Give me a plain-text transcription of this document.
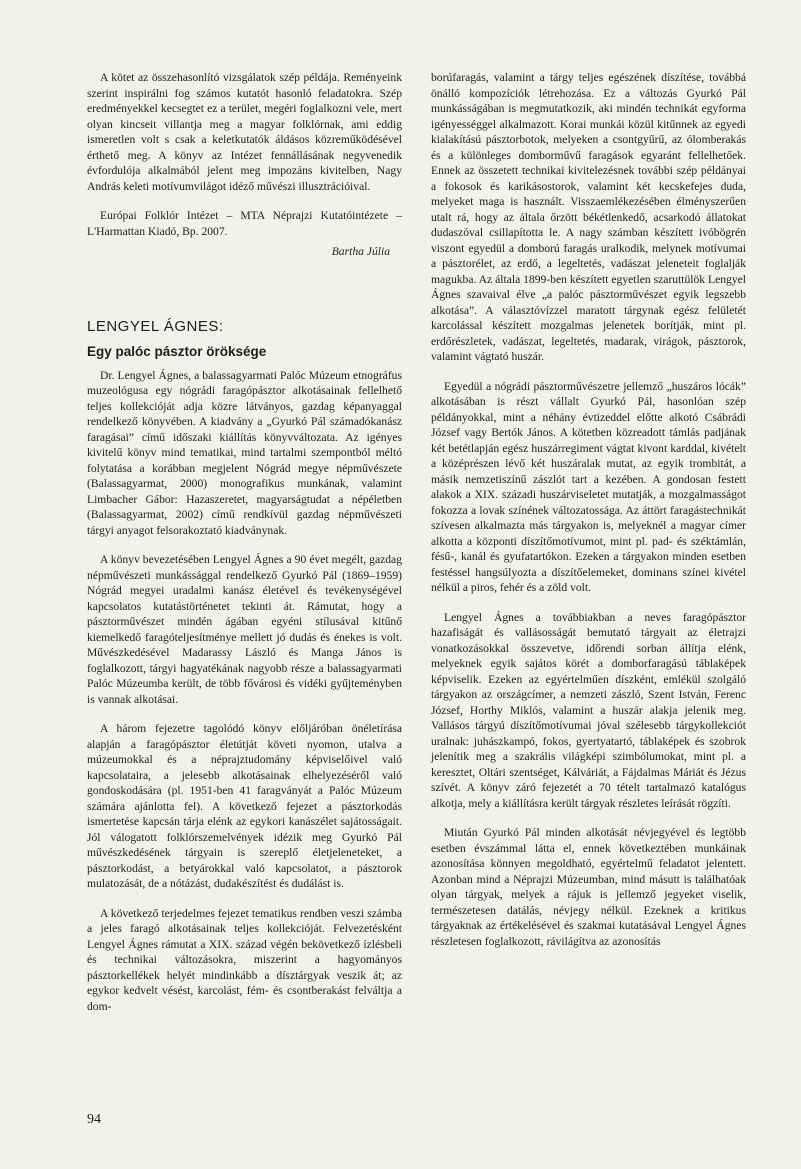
A kötet az összehasonlító vizsgálatok szép példája. Reményeink szerint inspirálni fog számos kutatót hasonló feladatokra. Szép eredményekkel kecsegtet ez a terület, megéri foglalkozni vele, mert olyan kincseit villantja meg a magyar folklórnak, ami eddig ismeretlen volt s csak a keletkutatók áldásos közreműködésével érthető meg. A könyv az Intézet fennállásának negyvenedik évfordulója alkalmából jelent meg impozáns kivitelben, Nagy András keleti motívumvilágot idéző művészi illusztrációival.

Európai Folklór Intézet – MTA Néprajzi Kutatóintézete – L'Harmattan Kiadó, Bp. 2007.

Bartha Júlia
LENGYEL ÁGNES:
Egy palóc pásztor öröksége

Dr. Lengyel Ágnes, a balassagyarmati Palóc Múzeum etnográfus muzeológusa egy nógrádi faragópásztor alkotásainak fellelhető teljes kollekcióját adja közre látványos, gazdag képanyaggal rendelkező könyvében. A kiadvány a „Gyurkó Pál számadókanász faragásai” című időszaki kiállítás könyvváltozata. Az igényes kivitelű könyv mind tematikai, mind tartalmi szempontból méltó folytatása a korábban megjelent Nógrád megye népművészete (Balassagyarmat, 2000) monografikus munkának, valamint Limbacher Gábor: Hazaszeretet, magyarságtudat a népéletben (Balassagyarmat, 2002) című rendkívül gazdag népművészeti tárgyi anyagot felsorakoztató kiadványnak.

A könyv bevezetésében Lengyel Ágnes a 90 évet megélt, gazdag népművészeti munkássággal rendelkező Gyurkó Pál (1869–1959) Nógrád megyei uradalmi kanász életével és tevékenységével kapcsolatos kutatástörténetet tekinti át. Rámutat, hogy a pásztorművészet mindén ágában egyéni stílusával kitűnő kiemelkedő faragóteljesítménye mellett jó dudás és énekes is volt. Művészkedésével Madarassy László és Manga János is foglalkozott, tárgyi hagyatékának nagyobb része a balassagyarmati Palóc Múzeumba került, de több fővárosi és vidéki gyűjteményben is vannak alkotásai.

A három fejezetre tagolódó könyv előljáróban önéletírása alapján a faragópásztor életútját követi nyomon, utalva a múzeumokkal és a néprajztudomány képviselőivel való kapcsolataira, a jelesebb alkotásainak elhelyezéséről való gondoskodására (pl. 1951-ben 41 faragványát a Palóc Múzeum számára ajánlotta fel). A következő fejezet a pásztorkodás ismertetése kapcsán tárja elénk az egykori kanászélet sajátosságait. Jól válogatott folklórszemelvények idézik meg Gyurkó Pál művészkedésének tárgyain is szereplő életjeleneteket, a pásztorkodást, a betyárokkal való kapcsolatot, a pásztorok mulatozását, de a nótázást, dudakészítést és dudálást is.

A következő terjedelmes fejezet tematikus rendben veszi számba a jeles faragó alkotásainak teljes kollekcióját. Felvezetésként Lengyel Ágnes rámutat a XIX. század végén bekövetkező ízlésbeli és technikai változásokra, miszerint a hagyományos pásztorkellékek helyét mindinkább a dísztárgyak veszik át; az egykor kedvelt vésést, karcolást, fém- és csontberakást felváltja a dom-

borúfaragás, valamint a tárgy teljes egészének díszítése, továbbá önálló kompozíciók létrehozása. Ez a változás Gyurkó Pál munkásságában is megmutatkozik, aki mindén technikát egyforma igényességgel alkalmazott. Korai munkái közül kitűnnek az egyedi kialakítású pásztorbotok, melyeken a csontgyűrű, az ólomberakás és a különleges domborművű faragások egyaránt fellelhetőek. Ennek az összetett technikai kivitelezésnek további szép példányai a fokosok és karikásostorok, valamint két kecskefejes duda, melyeket maga is használt. Visszaemlékezésében élményszerűen utalt rá, hogy az általa őrzött békétlenkedő, acsarkodó állatokat dudaszóval csillapította le. A nagy számban készített ivóbögrén viszont egyedül a domború faragás uralkodik, melynek motívumai a pásztorélet, az erdő, a legeltetés, vadászat jeleneteit foglalják magukba. Az általa 1899-ben készített egyetlen szaruttülök Lengyel Ágnes szavaival élve „a palóc pásztorművészet egyik legszebb alkotása”. A választóvízzel maratott tárgynak egész felületét karcolással készített mozgalmas jelenetek borítják, mint pl. erdőrészletek, vadászat, legeltetés, madarak, virágok, pásztorok, valamint vágtató huszár.

Egyedül a nógrádi pásztorművészetre jellemző „huszáros lócák” alkotásában is részt vállalt Gyurkó Pál, hasonlóan szép példányokkal, mint a néhány évtizeddel előtte alkotó Csábrádi József vagy Bertók János. A kötetben közreadott támlás padjának két betétlapján egész huszárregiment vágtat kivont karddal, kivételt a középrészen lévő két huszáralak mutat, az egyik trombitát, a másik nemzetiszínű zászlót tart a kezében. A gondosan festett alakok a XIX. századi huszárviseletet mutatják, a mozgalmasságot fokozza a lovak színének változatossága. Az áttört faragástechnikát szívesen alkalmazta más tárgyakon is, melyeknél a magyar címer alkotta a központi díszítőmotívumot, mint pl. pad- és széktámlán, fésű-, kanál és gyufatartókon. Ezeken a tárgyakon minden esetben festéssel hangsúlyozta a díszítőelemeket, dominans színei kivétel nélkül a piros, fehér és a zöld volt.

Lengyel Ágnes a továbbiakban a neves faragópásztor hazafiságát és vallásosságát bemutató tárgyait az életrajzi vonatkozásokkal összevetve, időrendi sorban állítja elénk, melyeknek egyik sajátos körét a domborfaragású táblaképek képviselik. Ezeken az egyértelműen díszként, emlékül szolgáló tárgyakon az országcímer, a nemzeti zászló, Szent István, Ferenc József, Horthy Miklós, valamint a huszár alakja jelenik meg. Vallásos tárgyú díszítőmotívumai jóval szélesebb tárgykollekciót uralnak: juhászkampó, fokos, gyertyatartó, táblaképek és szobrok jelenítik meg a szakrális világképi szimbólumokat, mint pl. a keresztet, Oltári szentséget, Kálváriát, a Fájdalmas Máriát és Jézus szívét. A könyv záró fejezetét a 70 tételt tartalmazó katalógus alkotja, mely a kiállításra került tárgyak részletes leírását rögzíti.

Miután Gyurkó Pál minden alkotását névjegyével és legtöbb esetben évszámmal látta el, ennek következtében munkáinak azonosítása könnyen megoldható, egyértelmű feladatot jelentett. Azonban mind a Néprajzi Múzeumban, mind másutt is találhatóak olyan tárgyak, melyek a rájuk is jellemző jegyeket viselik, természetesen datálás, névjegy nélkül. Ezeknek a kritikus tárgyaknak az értékelésével és szakmai kutatásával Lengyel Ágnes részletesen foglalkozott, rávilágítva az azonosítás

94
